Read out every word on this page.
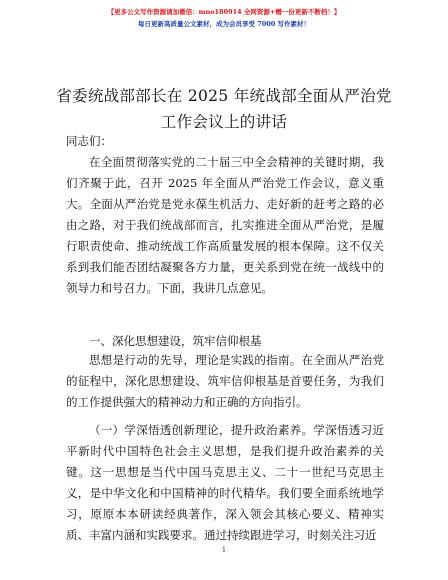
【更多公文写作资源请加微信：mno180914 全网资源+赠一份更新不断档！】
每日更新高质量公文素材，成为会员享受 7000 写作素材！
省委统战部部长在 2025 年统战部全面从严治党
工作会议上的讲话
同志们：

在全面贯彻落实党的二十届三中全会精神的关键时期，我们齐聚于此，召开 2025 年全面从严治党工作会议，意义重大。全面从严治党是党永葆生机活力、走好新的赶考之路的必由之路，对于我们统战部而言，扎实推进全面从严治党，是履行职责使命、推动统战工作高质量发展的根本保障。这不仅关系到我们能否团结凝聚各方力量，更关系到党在统一战线中的领导力和号召力。下面，我讲几点意见。

一、深化思想建设，筑牢信仰根基

思想是行动的先导，理论是实践的指南。在全面从严治党的征程中，深化思想建设、筑牢信仰根基是首要任务，为我们的工作提供强大的精神动力和正确的方向指引。

（一）学深悟透创新理论，提升政治素养。学深悟透习近平新时代中国特色社会主义思想，是我们提升政治素养的关键。这一思想是当代中国马克思主义、二十一世纪马克思主义，是中华文化和中国精神的时代精华。我们要全面系统地学习，原原本本研读经典著作，深入领会其核心要义、精神实质、丰富内涵和实践要求。通过持续跟进学习，时刻关注习近

1
